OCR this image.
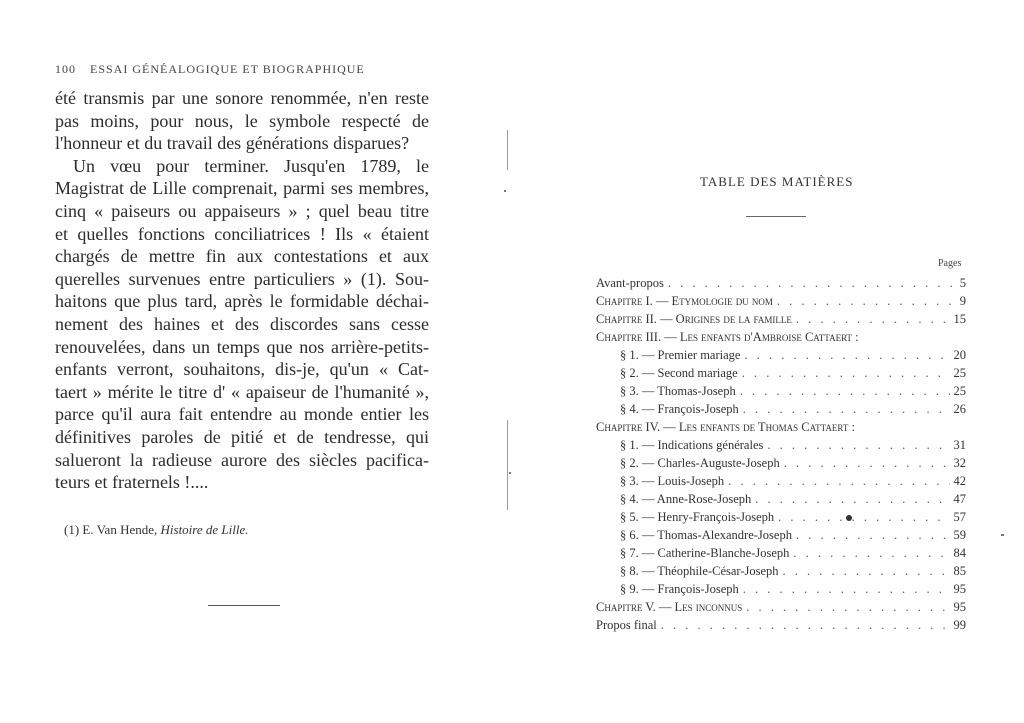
100 ESSAI GÉNÉALOGIQUE ET BIOGRAPHIQUE
été transmis par une sonore renommée, n'en reste
pas moins, pour nous, le symbole respecté de
l'honneur et du travail des générations disparues?
Un vœu pour terminer. Jusqu'en 1789, le
Magistrat de Lille comprenait, parmi ses membres,
cinq « paiseurs ou appaiseurs » ; quel beau titre
et quelles fonctions conciliatrices ! Ils « étaient
chargés de mettre fin aux contestations et aux
querelles survenues entre particuliers » (1). Sou-
haitons que plus tard, après le formidable déchai-
nement des haines et des discordes sans cesse
renouvelées, dans un temps que nos arrière-petits-
enfants verront, souhaitons, dis-je, qu'un « Cat-
taert » mérite le titre d' « apaiseur de l'humanité »,
parce qu'il aura fait entendre au monde entier les
définitives paroles de pitié et de tendresse, qui
salueront la radieuse aurore des siècles pacifica-
teurs et fraternels !....
(1) E. Van Hende, Histoire de Lille.
TABLE DES MATIÈRES
Pages
Avant-propos . . .	5
Chapitre I. — Etymologie du nom . . .	9
Chapitre II. — Origines de la famille . . .	15
Chapitre III. — Les enfants d'Ambroise Cattaert :
§ 1. — Premier mariage . . .	20
§ 2. — Second mariage . . .	25
§ 3. — Thomas-Joseph . . .	25
§ 4. — François-Joseph . . .	26
Chapitre IV. — Les enfants de Thomas Cattaert :
§ 1. — Indications générales . . .	31
§ 2. — Charles-Auguste-Joseph . . .	32
§ 3. — Louis-Joseph . . .	42
§ 4. — Anne-Rose-Joseph . . .	47
§ 5. — Henry-François-Joseph . . .	57
§ 6. — Thomas-Alexandre-Joseph . . .	59
§ 7. — Catherine-Blanche-Joseph . . .	84
§ 8. — Théophile-César-Joseph . . .	85
§ 9. — François-Joseph . . .	95
Chapitre V. — Les inconnus . . .	95
Propos final . . .	99
